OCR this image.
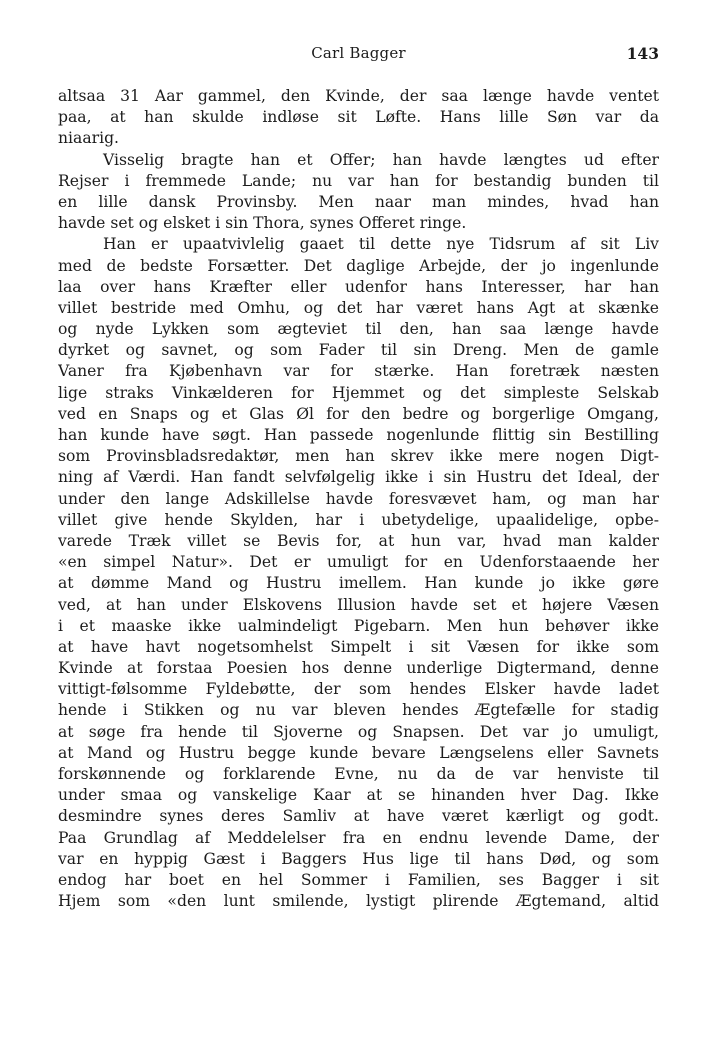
Carl Bagger	143
altsaa 31 Aar gammel, den Kvinde, der saa længe havde ventet
paa, at han skulde indløse sit Løfte. Hans lille Søn var da
niaarig.
Visselig bragte han et Offer; han havde længtes ud efter
Rejser i fremmede Lande; nu var han for bestandig bunden til
en lille dansk Provinsby. Men naar man mindes, hvad han
havde set og elsket i sin Thora, synes Offeret ringe.
Han er upaatvivlelig gaaet til dette nye Tidsrum af sit Liv
med de bedste Forsætter. Det daglige Arbejde, der jo ingenlunde
laa over hans Kræfter eller udenfor hans Interesser, har han
villet bestride med Omhu, og det har været hans Agt at skænke
og nyde Lykken som ægteviet til den, han saa længe havde
dyrket og savnet, og som Fader til sin Dreng. Men de gamle
Vaner fra Kjøbenhavn var for stærke. Han foretræk næsten
lige straks Vinkælderen for Hjemmet og det simpleste Selskab
ved en Snaps og et Glas Øl for den bedre og borgerlige Omgang,
han kunde have søgt. Han passede nogenlunde flittig sin Bestilling
som Provinsbladsredaktør, men han skrev ikke mere nogen Digt-
ning af Værdi. Han fandt selvfølgelig ikke i sin Hustru det Ideal, der
under den lange Adskillelse havde foresvævet ham, og man har
villet give hende Skylden, har i ubetydelige, upaalidelige, opbe-
varede Træk villet se Bevis for, at hun var, hvad man kalder
«en simpel Natur». Det er umuligt for en Udenforstaaende her
at dømme Mand og Hustru imellem. Han kunde jo ikke gøre
ved, at han under Elskovens Illusion havde set et højere Væsen
i et maaske ikke ualmindeligt Pigebarn. Men hun behøver ikke
at have havt nogetsomhelst Simpelt i sit Væsen for ikke som
Kvinde at forstaa Poesien hos denne underlige Digtermand, denne
vittigt-følsomme Fyldebøtte, der som hendes Elsker havde ladet
hende i Stikken og nu var bleven hendes Ægtefælle for stadig
at søge fra hende til Sjoverne og Snapsen. Det var jo umuligt,
at Mand og Hustru begge kunde bevare Længselens eller Savnets
forskønnende og forklarende Evne, nu da de var henviste til
under smaa og vanskelige Kaar at se hinanden hver Dag. Ikke
desmindre synes deres Samliv at have været kærligt og godt.
Paa Grundlag af Meddelelser fra en endnu levende Dame, der
var en hyppig Gæst i Baggers Hus lige til hans Død, og som
endog har boet en hel Sommer i Familien, ses Bagger i sit
Hjem som «den lunt smilende, lystigt plirende Ægtemand, altid
